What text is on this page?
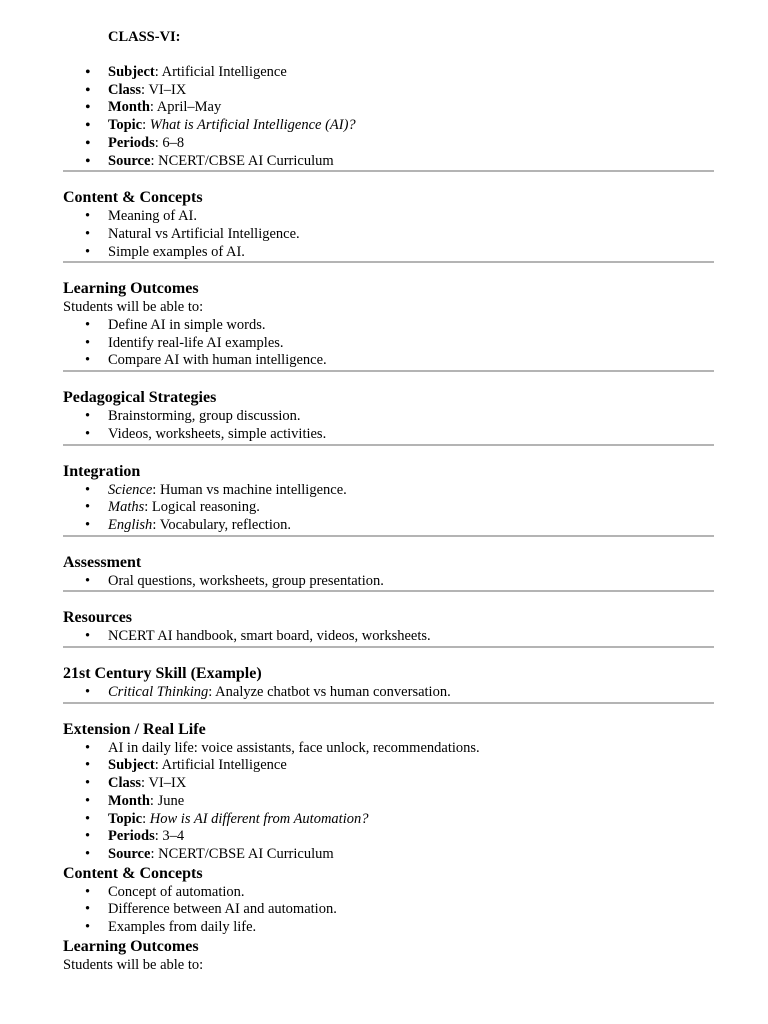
CLASS-VI:
• Subject: Artificial Intelligence
• Class: VI–IX
• Month: April–May
• Topic: What is Artificial Intelligence (AI)?
• Periods: 6–8
• Source: NCERT/CBSE AI Curriculum
Content & Concepts
• Meaning of AI.
• Natural vs Artificial Intelligence.
• Simple examples of AI.
Learning Outcomes

Students will be able to:

• Define AI in simple words.
• Identify real-life AI examples.
• Compare AI with human intelligence.
Pedagogical Strategies
• Brainstorming, group discussion.
• Videos, worksheets, simple activities.
Integration
• Science: Human vs machine intelligence.
• Maths: Logical reasoning.
• English: Vocabulary, reflection.
Assessment
• Oral questions, worksheets, group presentation.
Resources
• NCERT AI handbook, smart board, videos, worksheets.
21st Century Skill (Example)
• Critical Thinking: Analyze chatbot vs human conversation.
Extension / Real Life
• AI in daily life: voice assistants, face unlock, recommendations.
• Subject: Artificial Intelligence
• Class: VI–IX
• Month: June
• Topic: How is AI different from Automation?
• Periods: 3–4
• Source: NCERT/CBSE AI Curriculum
Content & Concepts
• Concept of automation.
• Difference between AI and automation.
• Examples from daily life.
Learning Outcomes

Students will be able to:
